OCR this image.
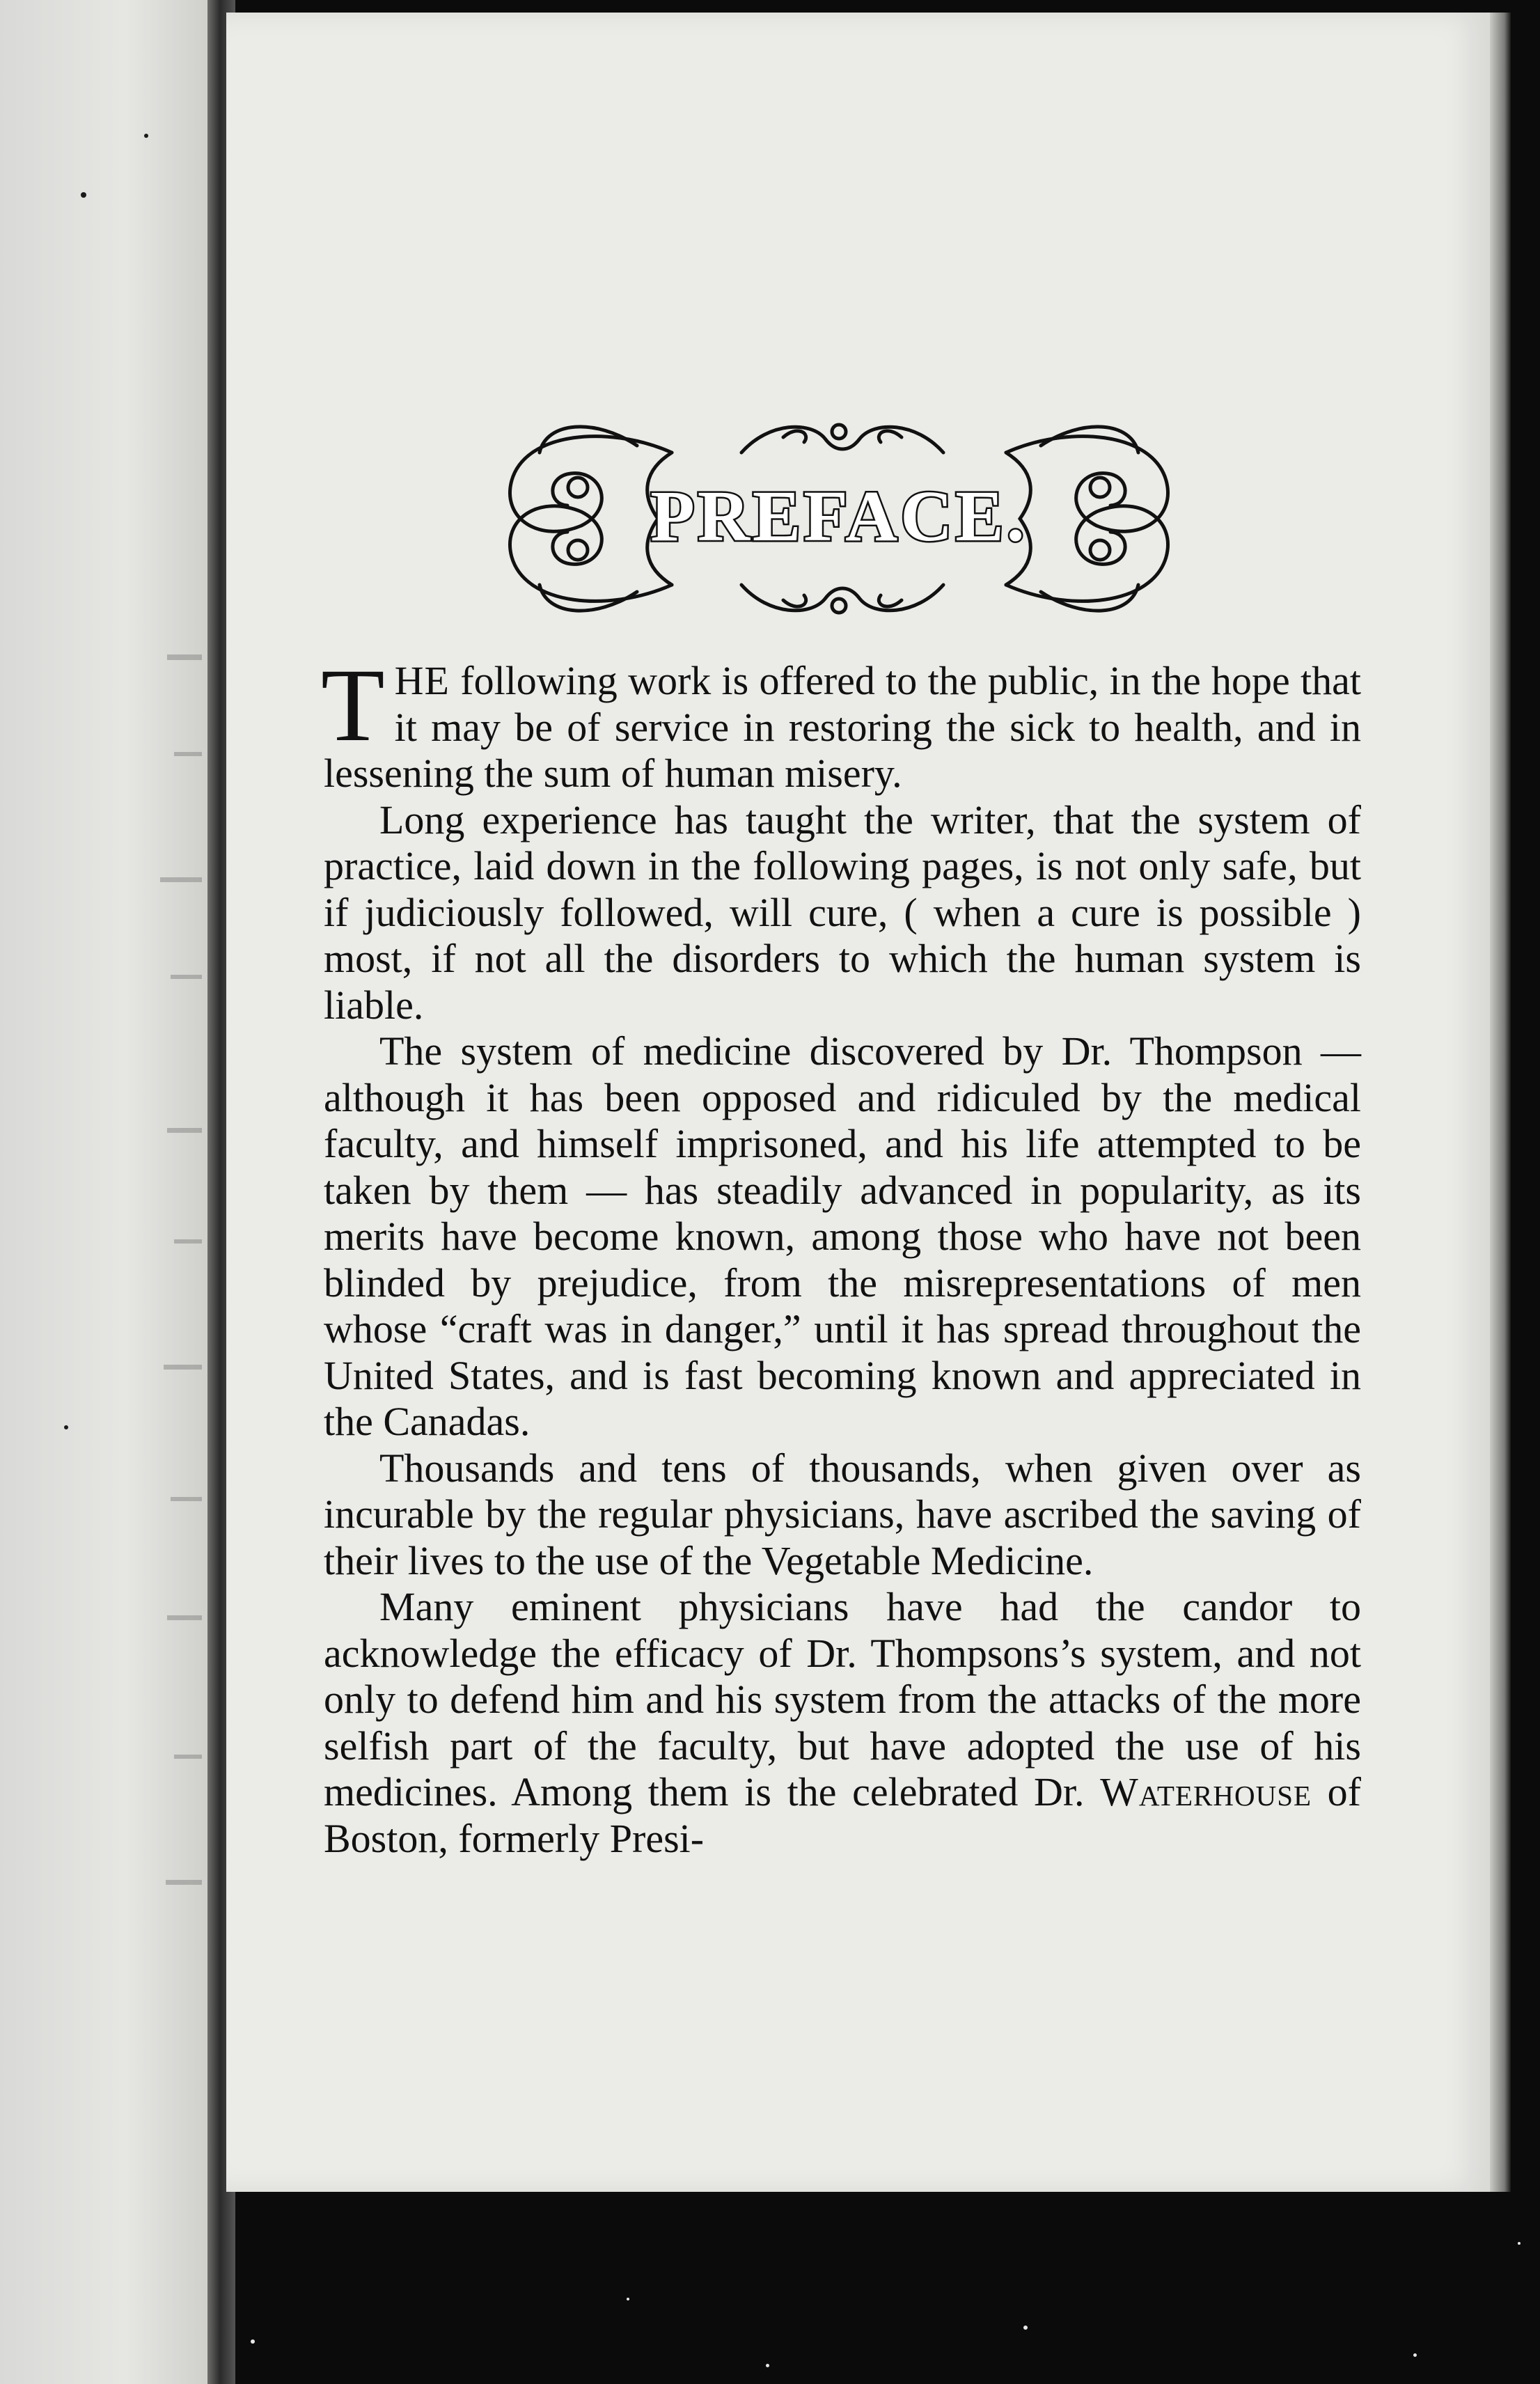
PREFACE.

THE following work is offered to the public, in the hope that it may be of service in restoring the sick to health, and in lessening the sum of human misery.

Long experience has taught the writer, that the system of practice, laid down in the following pages, is not only safe, but if judiciously followed, will cure, ( when a cure is possible ) most, if not all the disorders to which the human system is liable.

The system of medicine discovered by Dr. Thompson — although it has been opposed and ridiculed by the medical faculty, and himself imprisoned, and his life attempted to be taken by them — has steadily advanced in popularity, as its merits have become known, among those who have not been blinded by prejudice, from the misrepresentations of men whose “craft was in danger,” until it has spread throughout the United States, and is fast becoming known and appreciated in the Canadas.

Thousands and tens of thousands, when given over as incurable by the regular physicians, have ascribed the saving of their lives to the use of the Vegetable Medicine.

Many eminent physicians have had the candor to acknowledge the efficacy of Dr. Thompsons’s system, and not only to defend him and his system from the attacks of the more selfish part of the faculty, but have adopted the use of his medicines. Among them is the celebrated Dr. Waterhouse of Boston, formerly Presi-
